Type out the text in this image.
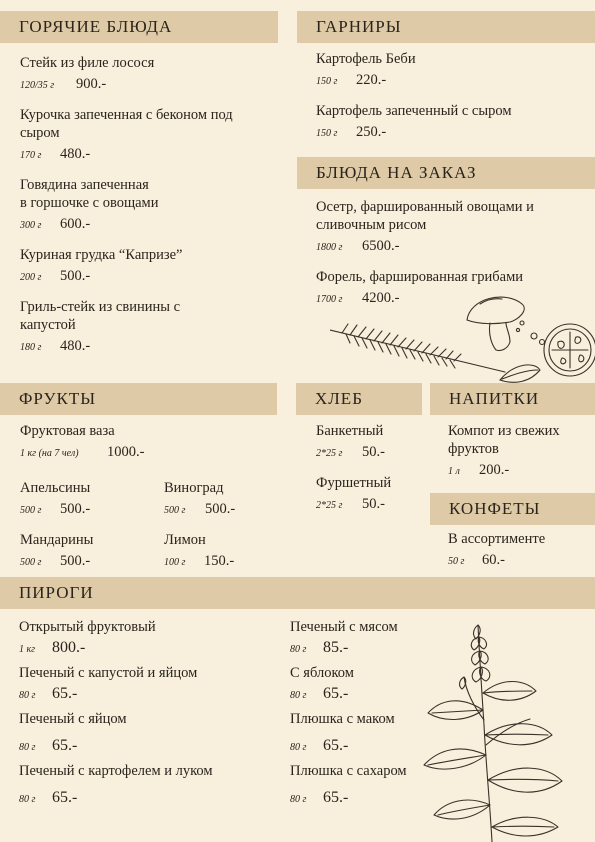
ГОРЯЧИЕ БЛЮДА
Стейк из филе лосося
120/35 г	900.-
Курочка запеченная с беконом под
сыром
170 г	480.-
Говядина запеченная
в горшочке с овощами
300 г	600.-
Куриная грудка “Капризе”
200 г	500.-
Гриль-стейк из свинины с
капустой
180 г	480.-
ГАРНИРЫ
Картофель Беби
150 г	220.-
Картофель запеченный с сыром
150 г	250.-
БЛЮДА НА ЗАКАЗ
Осетр, фаршированный овощами и
сливочным рисом
1800 г	6500.-
Форель, фаршированная грибами
1700 г	4200.-
ФРУКТЫ
Фруктовая ваза
1 кг (на 7 чел)	1000.-
Апельсины
500 г	500.-
Виноград
500 г	500.-
Мандарины
500 г	500.-
Лимон
100 г	150.-
ХЛЕБ
Банкетный
2*25 г	50.-
Фуршетный
2*25 г	50.-
НАПИТКИ
Компот из свежих
фруктов
1 л	200.-
КОНФЕТЫ
В ассортименте
50 г	60.-
ПИРОГИ
Открытый фруктовый
1 кг	800.-
Печеный с капустой и яйцом
80 г	65.-
Печеный с яйцом
80 г	65.-
Печеный с картофелем и луком
80 г	65.-
Печеный с мясом
80 г	85.-
С яблоком
80 г	65.-
Плюшка с маком
80 г	65.-
Плюшка с сахаром
80 г	65.-
